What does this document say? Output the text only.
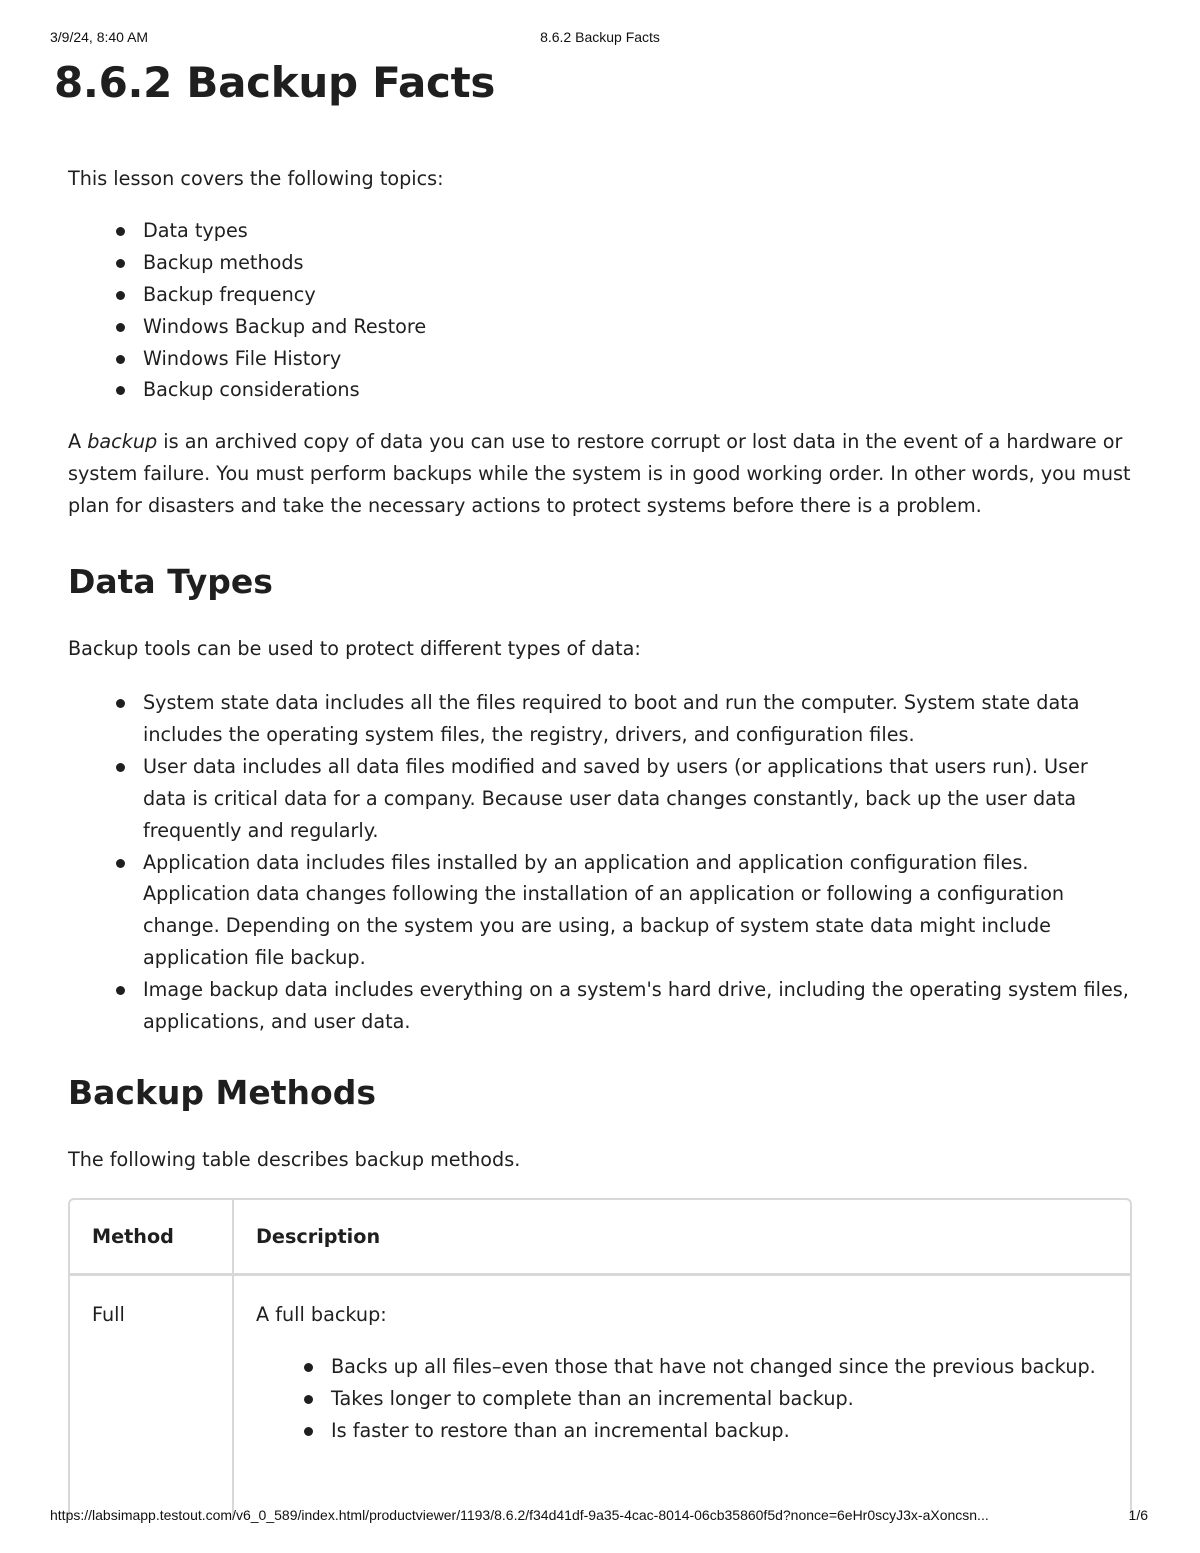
3/9/24, 8:40 AM	8.6.2 Backup Facts
8.6.2 Backup Facts

This lesson covers the following topics:

Data types
Backup methods
Backup frequency
Windows Backup and Restore
Windows File History
Backup considerations

A backup is an archived copy of data you can use to restore corrupt or lost data in the event of a hardware or system failure. You must perform backups while the system is in good working order. In other words, you must plan for disasters and take the necessary actions to protect systems before there is a problem.

Data Types

Backup tools can be used to protect different types of data:

System state data includes all the files required to boot and run the computer. System state data includes the operating system files, the registry, drivers, and configuration files.
User data includes all data files modified and saved by users (or applications that users run). User data is critical data for a company. Because user data changes constantly, back up the user data frequently and regularly.
Application data includes files installed by an application and application configuration files. Application data changes following the installation of an application or following a configuration change. Depending on the system you are using, a backup of system state data might include application file backup.
Image backup data includes everything on a system's hard drive, including the operating system files, applications, and user data.
Backup Methods

The following table describes backup methods.

Method	Description
Full	A full backup:

Backs up all files–even those that have not changed since the previous backup.
Takes longer to complete than an incremental backup.
Is faster to restore than an incremental backup.
https://labsimapp.testout.com/v6_0_589/index.html/productviewer/1193/8.6.2/f34d41df-9a35-4cac-8014-06cb35860f5d?nonce=6eHr0scyJ3x-aXoncsn...	1/6
